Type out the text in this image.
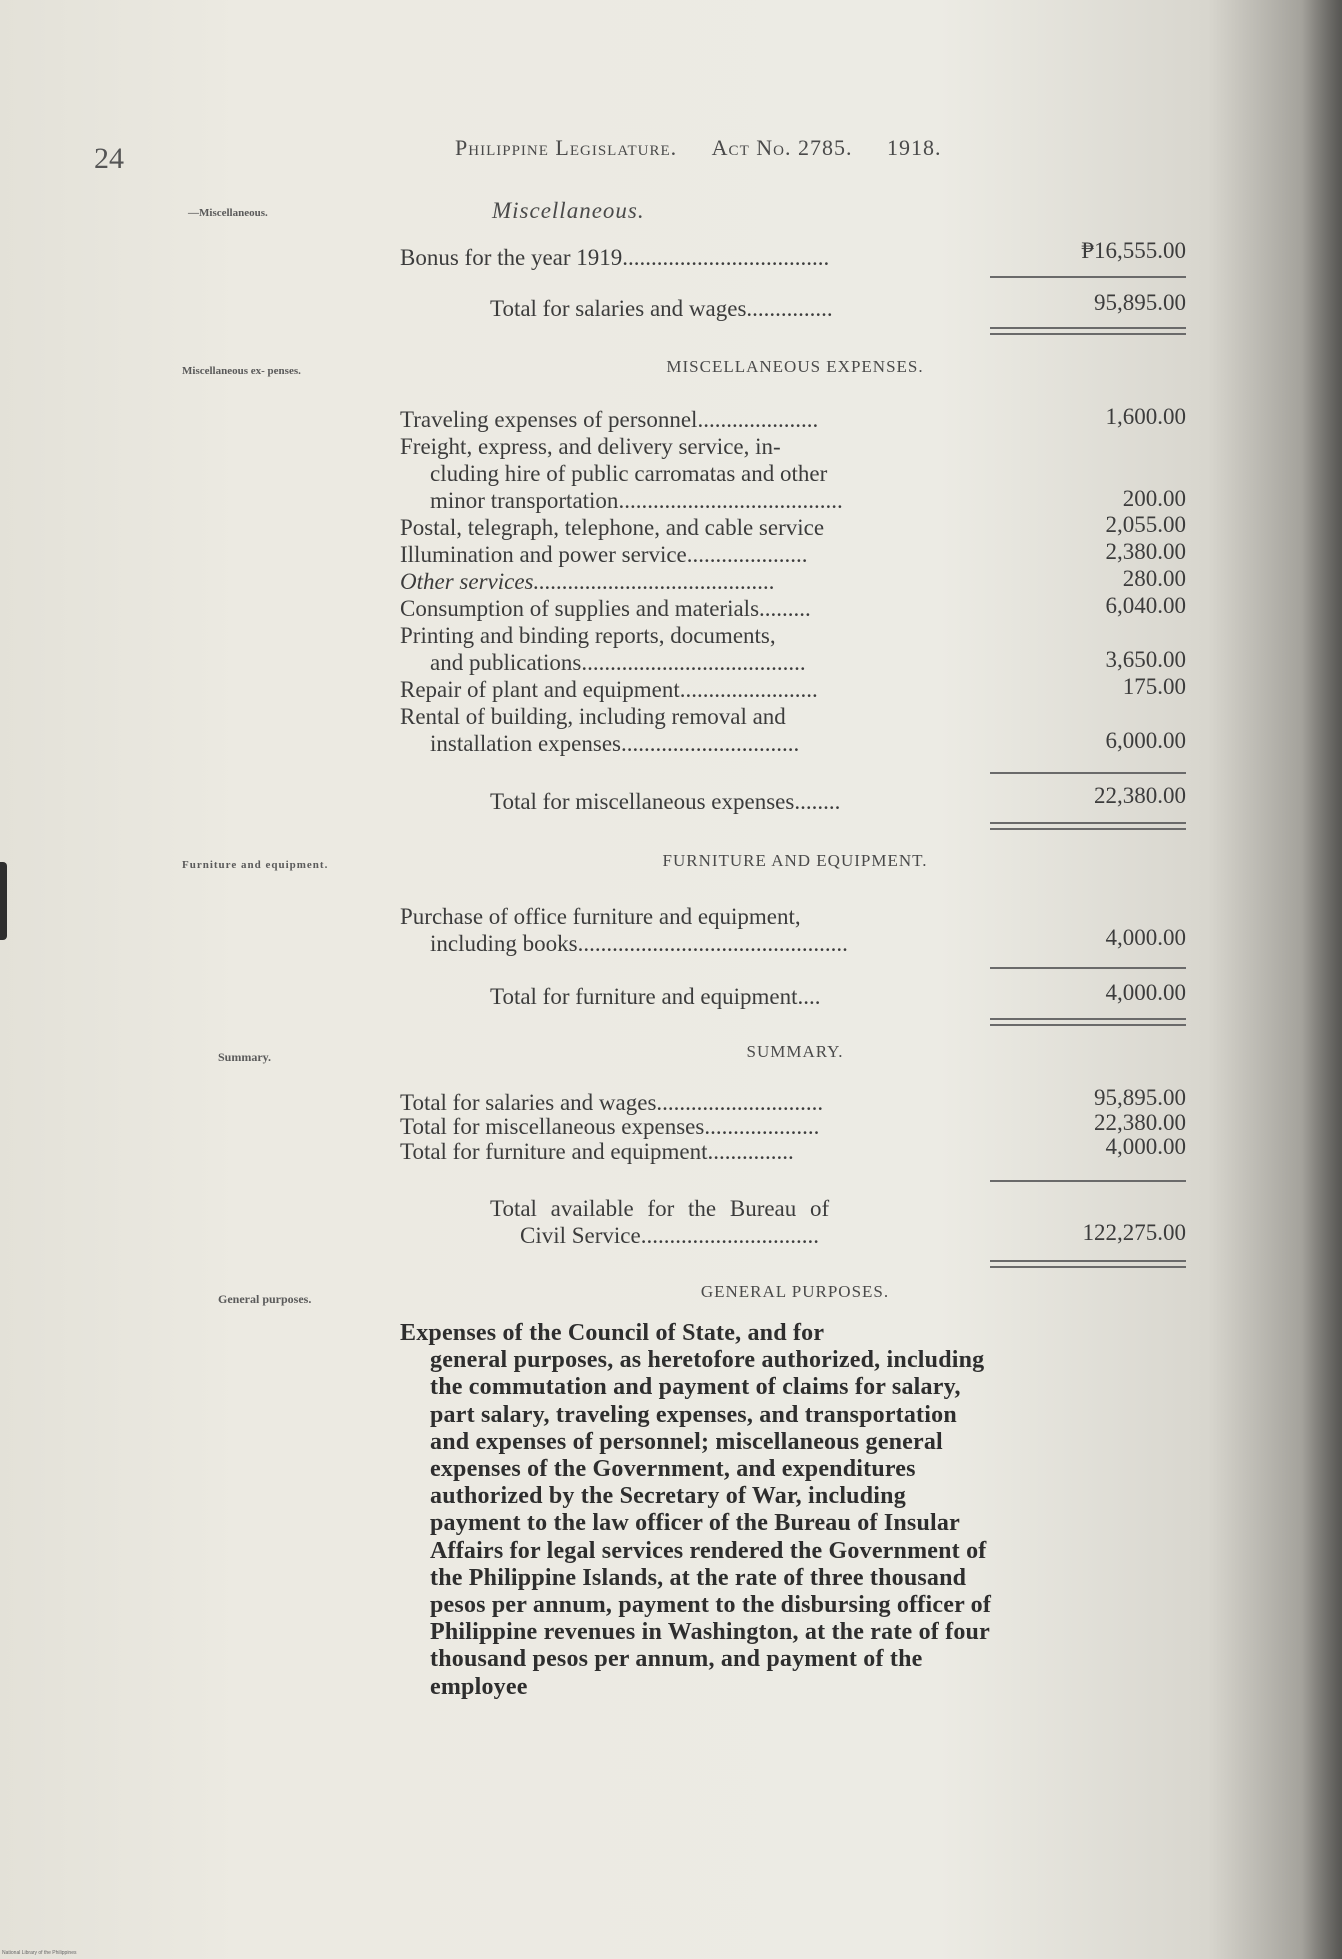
24	Philippine Legislature. Act No. 2785. 1918.
—Miscellaneous.
Miscellaneous ex- penses.
Furniture and equipment.
Summary.
General purposes.
Miscellaneous.
Bonus for the year 1919....................................	₱16,555.00
Total for salaries and wages...............	95,895.00
MISCELLANEOUS EXPENSES.
Traveling expenses of personnel.....................	1,600.00
Freight, express, and delivery service, in-
cluding hire of public carromatas and other
minor transportation.......................................	200.00
Postal, telegraph, telephone, and cable service	2,055.00
Illumination and power service.....................	2,380.00
Other services..........................................	280.00
Consumption of supplies and materials.........	6,040.00
Printing and binding reports, documents,
and publications.......................................	3,650.00
Repair of plant and equipment........................	175.00
Rental of building, including removal and
installation expenses...............................	6,000.00
Total for miscellaneous expenses........	22,380.00
FURNITURE AND EQUIPMENT.
Purchase of office furniture and equipment,
including books...............................................	4,000.00
Total for furniture and equipment....	4,000.00
SUMMARY.
Total for salaries and wages.............................	95,895.00
Total for miscellaneous expenses....................	22,380.00
Total for furniture and equipment...............	4,000.00
Total available for the Bureau of
Civil Service...............................	122,275.00
GENERAL PURPOSES.
Expenses of the Council of State, and for
general purposes, as heretofore authorized, including the commutation and payment of claims for salary, part salary, traveling expenses, and transportation and expenses of personnel; miscellaneous general expenses of the Government, and expenditures authorized by the Secretary of War, including payment to the law officer of the Bureau of Insular Affairs for legal services rendered the Government of the Philippine Islands, at the rate of three thousand pesos per annum, payment to the disbursing officer of Philippine revenues in Washington, at the rate of four thousand pesos per annum, and payment of the employee
National Library of the Philippines
